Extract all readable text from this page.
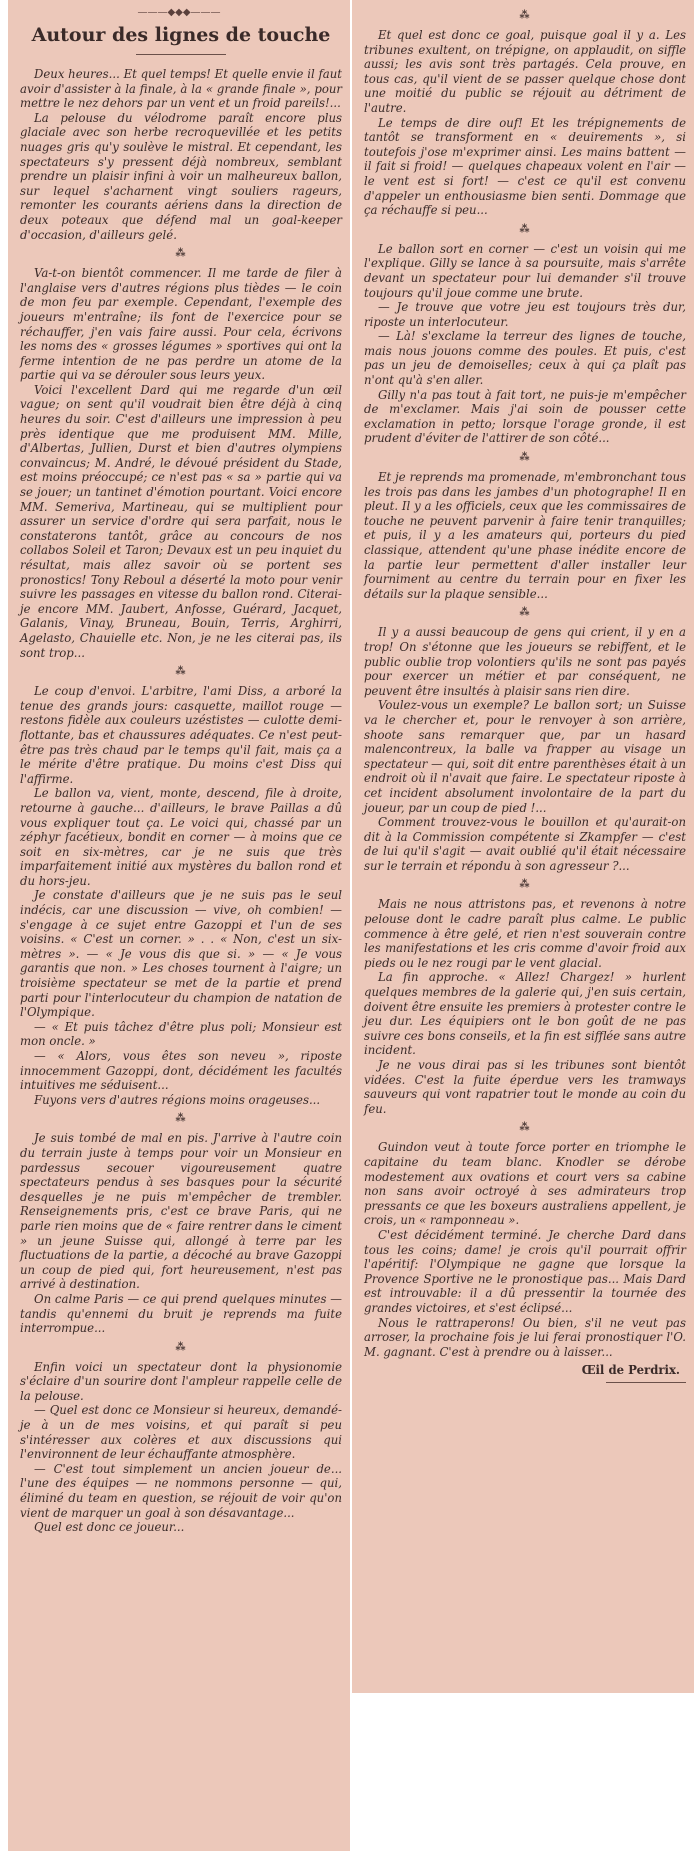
———◆◆◆———
Autour des lignes de touche

Deux heures... Et quel temps! Et quelle envie il faut avoir d'assister à la finale, à la « grande finale », pour mettre le nez dehors par un vent et un froid pareils!...

La pelouse du vélodrome paraît encore plus glaciale avec son herbe recroquevillée et les petits nuages gris qu'y soulève le mistral. Et cependant, les spectateurs s'y pressent déjà nombreux, semblant prendre un plaisir infini à voir un malheureux ballon, sur lequel s'acharnent vingt souliers rageurs, remonter les courants aériens dans la direction de deux poteaux que défend mal un goal-keeper d'occasion, d'ailleurs gelé.

⁂

Va-t-on bientôt commencer. Il me tarde de filer à l'anglaise vers d'autres régions plus tièdes — le coin de mon feu par exemple. Cependant, l'exemple des joueurs m'entraîne; ils font de l'exercice pour se réchauffer, j'en vais faire aussi. Pour cela, écrivons les noms des « grosses légumes » sportives qui ont la ferme intention de ne pas perdre un atome de la partie qui va se dérouler sous leurs yeux.

Voici l'excellent Dard qui me regarde d'un œil vague; on sent qu'il voudrait bien être déjà à cinq heures du soir. C'est d'ailleurs une impression à peu près identique que me produisent MM. Mille, d'Albertas, Jullien, Durst et bien d'autres olympiens convaincus; M. André, le dévoué président du Stade, est moins préoccupé; ce n'est pas « sa » partie qui va se jouer; un tantinet d'émotion pourtant. Voici encore MM. Semeriva, Martineau, qui se multiplient pour assurer un service d'ordre qui sera parfait, nous le constaterons tantôt, grâce au concours de nos collabos Soleil et Taron; Devaux est un peu inquiet du résultat, mais allez savoir où se portent ses pronostics! Tony Reboul a déserté la moto pour venir suivre les passages en vitesse du ballon rond. Citerai-je encore MM. Jaubert, Anfosse, Guérard, Jacquet, Galanis, Vinay, Bruneau, Bouin, Terris, Arghirri, Agelasto, Chauielle etc. Non, je ne les citerai pas, ils sont trop...

⁂

Le coup d'envoi. L'arbitre, l'ami Diss, a arboré la tenue des grands jours: casquette, maillot rouge — restons fidèle aux couleurs uzéstistes — culotte demi-flottante, bas et chaussures adéquates. Ce n'est peut-être pas très chaud par le temps qu'il fait, mais ça a le mérite d'être pratique. Du moins c'est Diss qui l'affirme.

Le ballon va, vient, monte, descend, file à droite, retourne à gauche... d'ailleurs, le brave Paillas a dû vous expliquer tout ça. Le voici qui, chassé par un zéphyr facétieux, bondit en corner — à moins que ce soit en six-mètres, car je ne suis que très imparfaitement initié aux mystères du ballon rond et du hors-jeu.

Je constate d'ailleurs que je ne suis pas le seul indécis, car une discussion — vive, oh combien! — s'engage à ce sujet entre Gazoppi et l'un de ses voisins. « C'est un corner. » . . « Non, c'est un six-mètres ». — « Je vous dis que si. » — « Je vous garantis que non. » Les choses tournent à l'aigre; un troisième spectateur se met de la partie et prend parti pour l'interlocuteur du champion de natation de l'Olympique.

— « Et puis tâchez d'être plus poli; Monsieur est mon oncle. »

— « Alors, vous êtes son neveu », riposte innocemment Gazoppi, dont, décidément les facultés intuitives me séduisent...

Fuyons vers d'autres régions moins orageuses...

⁂

Je suis tombé de mal en pis. J'arrive à l'autre coin du terrain juste à temps pour voir un Monsieur en pardessus secouer vigoureusement quatre spectateurs pendus à ses basques pour la sécurité desquelles je ne puis m'empêcher de trembler. Renseignements pris, c'est ce brave Paris, qui ne parle rien moins que de « faire rentrer dans le ciment » un jeune Suisse qui, allongé à terre par les fluctuations de la partie, a décoché au brave Gazoppi un coup de pied qui, fort heureusement, n'est pas arrivé à destination.

On calme Paris — ce qui prend quelques minutes — tandis qu'ennemi du bruit je reprends ma fuite interrompue...

⁂

Enfin voici un spectateur dont la physionomie s'éclaire d'un sourire dont l'ampleur rappelle celle de la pelouse.

— Quel est donc ce Monsieur si heureux, demandé-je à un de mes voisins, et qui paraît si peu s'intéresser aux colères et aux discussions qui l'environnent de leur échauffante atmosphère.

— C'est tout simplement un ancien joueur de... l'une des équipes — ne nommons personne — qui, éliminé du team en question, se réjouit de voir qu'on vient de marquer un goal à son désavantage...

Quel est donc ce joueur...

⁂

Et quel est donc ce goal, puisque goal il y a. Les tribunes exultent, on trépigne, on applaudit, on siffle aussi; les avis sont très partagés. Cela prouve, en tous cas, qu'il vient de se passer quelque chose dont une moitié du public se réjouit au détriment de l'autre.

Le temps de dire ouf! Et les trépignements de tantôt se transforment en « deuirements », si toutefois j'ose m'exprimer ainsi. Les mains battent — il fait si froid! — quelques chapeaux volent en l'air — le vent est si fort! — c'est ce qu'il est convenu d'appeler un enthousiasme bien senti. Dommage que ça réchauffe si peu...

⁂

Le ballon sort en corner — c'est un voisin qui me l'explique. Gilly se lance à sa poursuite, mais s'arrête devant un spectateur pour lui demander s'il trouve toujours qu'il joue comme une brute.

— Je trouve que votre jeu est toujours très dur, riposte un interlocuteur.

— Là! s'exclame la terreur des lignes de touche, mais nous jouons comme des poules. Et puis, c'est pas un jeu de demoiselles; ceux à qui ça plaît pas n'ont qu'à s'en aller.

Gilly n'a pas tout à fait tort, ne puis-je m'empêcher de m'exclamer. Mais j'ai soin de pousser cette exclamation in petto; lorsque l'orage gronde, il est prudent d'éviter de l'attirer de son côté...

⁂

Et je reprends ma promenade, m'embronchant tous les trois pas dans les jambes d'un photographe! Il en pleut. Il y a les officiels, ceux que les commissaires de touche ne peuvent parvenir à faire tenir tranquilles; et puis, il y a les amateurs qui, porteurs du pied classique, attendent qu'une phase inédite encore de la partie leur permettent d'aller installer leur fourniment au centre du terrain pour en fixer les détails sur la plaque sensible...

⁂

Il y a aussi beaucoup de gens qui crient, il y en a trop! On s'étonne que les joueurs se rebiffent, et le public oublie trop volontiers qu'ils ne sont pas payés pour exercer un métier et par conséquent, ne peuvent être insultés à plaisir sans rien dire.

Voulez-vous un exemple? Le ballon sort; un Suisse va le chercher et, pour le renvoyer à son arrière, shoote sans remarquer que, par un hasard malencontreux, la balle va frapper au visage un spectateur — qui, soit dit entre parenthèses était à un endroit où il n'avait que faire. Le spectateur riposte à cet incident absolument involontaire de la part du joueur, par un coup de pied !...

Comment trouvez-vous le bouillon et qu'aurait-on dit à la Commission compétente si Zkampfer — c'est de lui qu'il s'agit — avait oublié qu'il était nécessaire sur le terrain et répondu à son agresseur ?...

⁂

Mais ne nous attristons pas, et revenons à notre pelouse dont le cadre paraît plus calme. Le public commence à être gelé, et rien n'est souverain contre les manifestations et les cris comme d'avoir froid aux pieds ou le nez rougi par le vent glacial.

La fin approche. « Allez! Chargez! » hurlent quelques membres de la galerie qui, j'en suis certain, doivent être ensuite les premiers à protester contre le jeu dur. Les équipiers ont le bon goût de ne pas suivre ces bons conseils, et la fin est sifflée sans autre incident.

Je ne vous dirai pas si les tribunes sont bientôt vidées. C'est la fuite éperdue vers les tramways sauveurs qui vont rapatrier tout le monde au coin du feu.

⁂

Guindon veut à toute force porter en triomphe le capitaine du team blanc. Knodler se dérobe modestement aux ovations et court vers sa cabine non sans avoir octroyé à ses admirateurs trop pressants ce que les boxeurs australiens appellent, je crois, un « ramponneau ».

C'est décidément terminé. Je cherche Dard dans tous les coins; dame! je crois qu'il pourrait offrir l'apéritif: l'Olympique ne gagne que lorsque la Provence Sportive ne le pronostique pas... Mais Dard est introuvable: il a dû pressentir la tournée des grandes victoires, et s'est éclipsé...

Nous le rattraperons! Ou bien, s'il ne veut pas arroser, la prochaine fois je lui ferai pronostiquer l'O. M. gagnant. C'est à prendre ou à laisser...

Œil de Perdrix.
